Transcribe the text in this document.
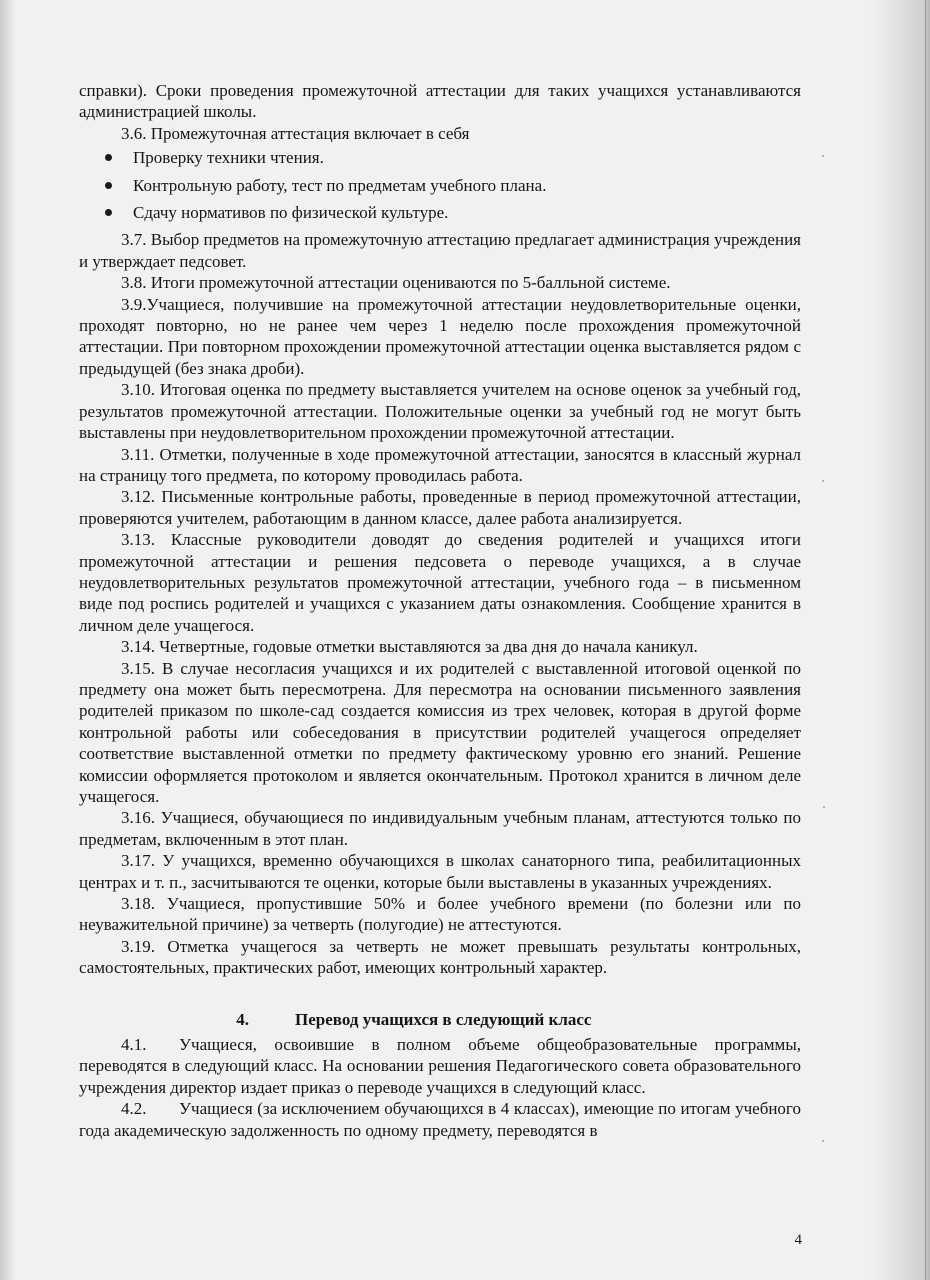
справки). Сроки проведения промежуточной аттестации для таких учащихся устанавливаются администрацией школы.

3.6. Промежуточная аттестация включает в себя

Проверку техники чтения.
Контрольную работу, тест по предметам учебного плана.
Сдачу нормативов по физической культуре.

3.7. Выбор предметов на промежуточную аттестацию предлагает администрация учреждения и утверждает педсовет.

3.8. Итоги промежуточной аттестации оцениваются по 5-балльной системе.

3.9.Учащиеся, получившие на промежуточной аттестации неудовлетворительные оценки, проходят повторно, но не ранее чем через 1 неделю после прохождения промежуточной аттестации. При повторном прохождении промежуточной аттестации оценка выставляется рядом с предыдущей (без знака дроби).

3.10. Итоговая оценка по предмету выставляется учителем на основе оценок за учебный год, результатов промежуточной аттестации. Положительные оценки за учебный год не могут быть выставлены при неудовлетворительном прохождении промежуточной аттестации.

3.11. Отметки, полученные в ходе промежуточной аттестации, заносятся в классный журнал на страницу того предмета, по которому проводилась работа.

3.12. Письменные контрольные работы, проведенные в период промежуточной аттестации, проверяются учителем, работающим в данном классе, далее работа анализируется.

3.13. Классные руководители доводят до сведения родителей и учащихся итоги промежуточной аттестации и решения педсовета о переводе учащихся, а в случае неудовлетворительных результатов промежуточной аттестации, учебного года – в письменном виде под роспись родителей и учащихся с указанием даты ознакомления. Сообщение хранится в личном деле учащегося.

3.14. Четвертные, годовые отметки выставляются за два дня до начала каникул.

3.15. В случае несогласия учащихся и их родителей с выставленной итоговой оценкой по предмету она может быть пересмотрена. Для пересмотра на основании письменного заявления родителей приказом по школе-сад создается комиссия из трех человек, которая в другой форме контрольной работы или собеседования в присутствии родителей учащегося определяет соответствие выставленной отметки по предмету фактическому уровню его знаний. Решение комиссии оформляется протоколом и является окончательным. Протокол хранится в личном деле учащегося.

3.16. Учащиеся, обучающиеся по индивидуальным учебным планам, аттестуются только по предметам, включенным в этот план.

3.17. У учащихся, временно обучающихся в школах санаторного типа, реабилитационных центрах и т. п., засчитываются те оценки, которые были выставлены в указанных учреждениях.

3.18. Учащиеся, пропустившие 50% и более учебного времени (по болезни или по неуважительной причине) за четверть (полугодие) не аттестуются.

3.19. Отметка учащегося за четверть не может превышать результаты контрольных, самостоятельных, практических работ, имеющих контрольный характер.

4.	Перевод учащихся в следующий класс

4.1. Учащиеся, освоившие в полном объеме общеобразовательные программы, переводятся в следующий класс. На основании решения Педагогического совета образовательного учреждения директор издает приказ о переводе учащихся в следующий класс.

4.2. Учащиеся (за исключением обучающихся в 4 классах), имеющие по итогам учебного года академическую задолженность по одному предмету, переводятся в

4
